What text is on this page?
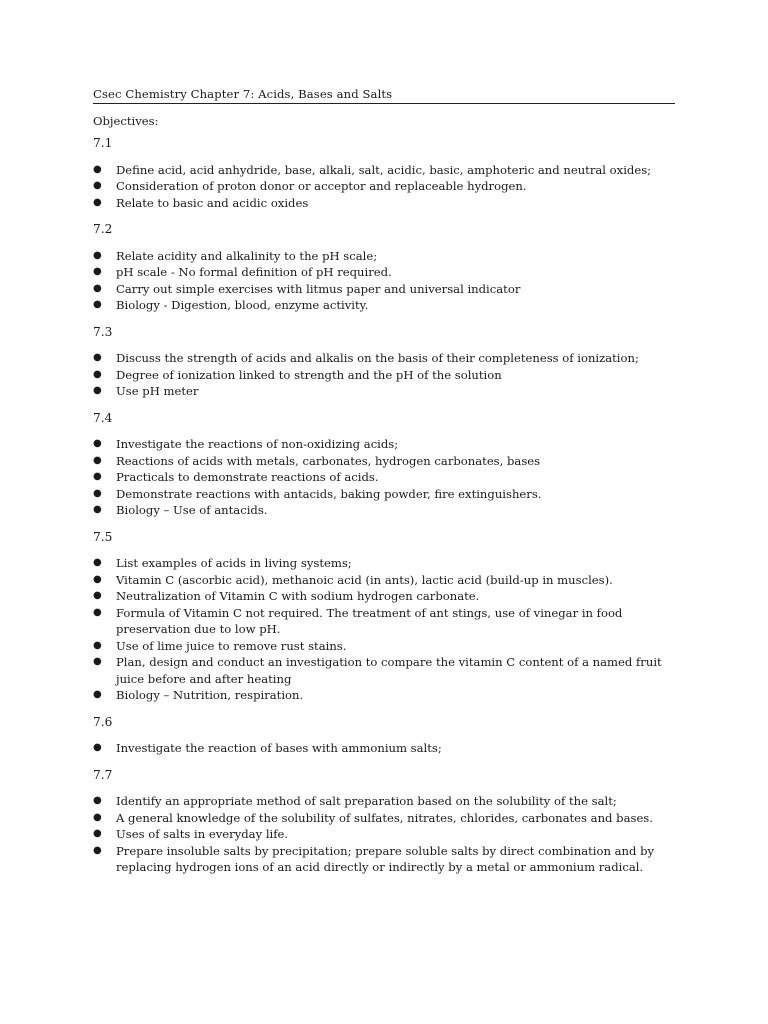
Csec Chemistry Chapter 7: Acids, Bases and Salts
Objectives:
7.1
● Define acid, acid anhydride, base, alkali, salt, acidic, basic, amphoteric and neutral oxides;
● Consideration of proton donor or acceptor and replaceable hydrogen.
● Relate to basic and acidic oxides
7.2
● Relate acidity and alkalinity to the pH scale;
● pH scale - No formal definition of pH required.
● Carry out simple exercises with litmus paper and universal indicator
● Biology - Digestion, blood, enzyme activity.
7.3
● Discuss the strength of acids and alkalis on the basis of their completeness of ionization;
● Degree of ionization linked to strength and the pH of the solution
● Use pH meter
7.4
● Investigate the reactions of non-oxidizing acids;
● Reactions of acids with metals, carbonates, hydrogen carbonates, bases
● Practicals to demonstrate reactions of acids.
● Demonstrate reactions with antacids, baking powder, fire extinguishers.
● Biology – Use of antacids.
7.5
● List examples of acids in living systems;
● Vitamin C (ascorbic acid), methanoic acid (in ants), lactic acid (build-up in muscles).
● Neutralization of Vitamin C with sodium hydrogen carbonate.
● Formula of Vitamin C not required. The treatment of ant stings, use of vinegar in food preservation due to low pH.
● Use of lime juice to remove rust stains.
● Plan, design and conduct an investigation to compare the vitamin C content of a named fruit juice before and after heating
● Biology – Nutrition, respiration.
7.6
● Investigate the reaction of bases with ammonium salts;
7.7
● Identify an appropriate method of salt preparation based on the solubility of the salt;
● A general knowledge of the solubility of sulfates, nitrates, chlorides, carbonates and bases.
● Uses of salts in everyday life.
● Prepare insoluble salts by precipitation; prepare soluble salts by direct combination and by replacing hydrogen ions of an acid directly or indirectly by a metal or ammonium radical.
